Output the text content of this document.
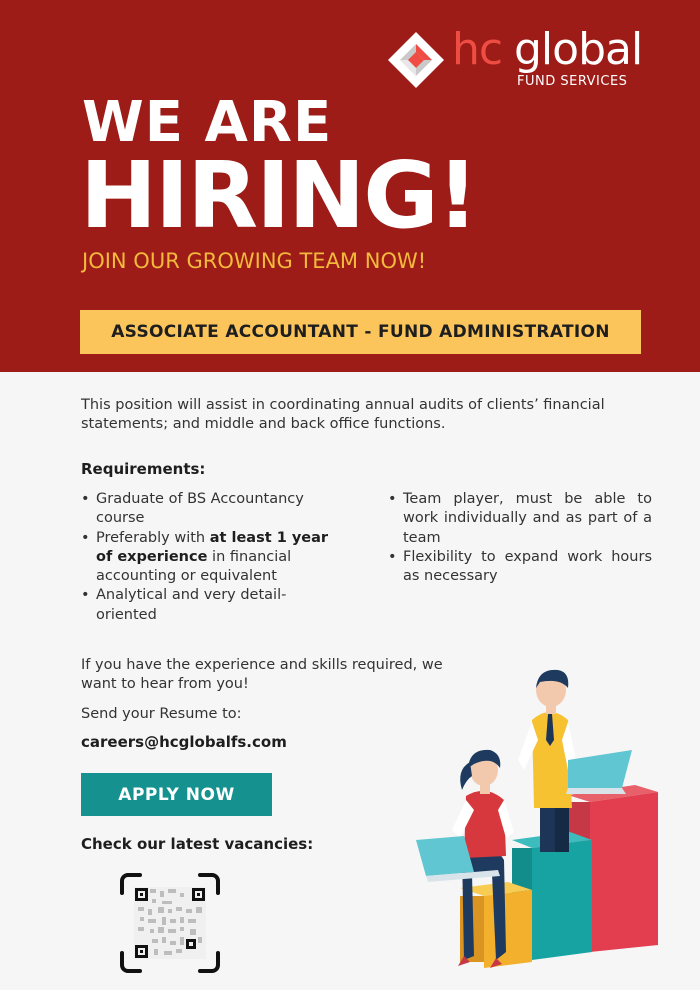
hc global
FUND SERVICES
WE ARE
HIRING!

JOIN OUR GROWING TEAM NOW!

ASSOCIATE ACCOUNTANT - FUND ADMINISTRATION

This position will assist in coordinating annual audits of clients’ financial statements; and middle and back office functions.

Requirements:
• Graduate of BS Accountancy course
• Preferably with at least 1 year of experience in financial accounting or equivalent
• Analytical and very detail-oriented
• Team player, must be able to work individually and as part of a team
• Flexibility to expand work hours as necessary

If you have the experience and skills required, we want to hear from you!

Send your Resume to:

careers@hcglobalfs.com
APPLY NOW

Check our latest vacancies:
